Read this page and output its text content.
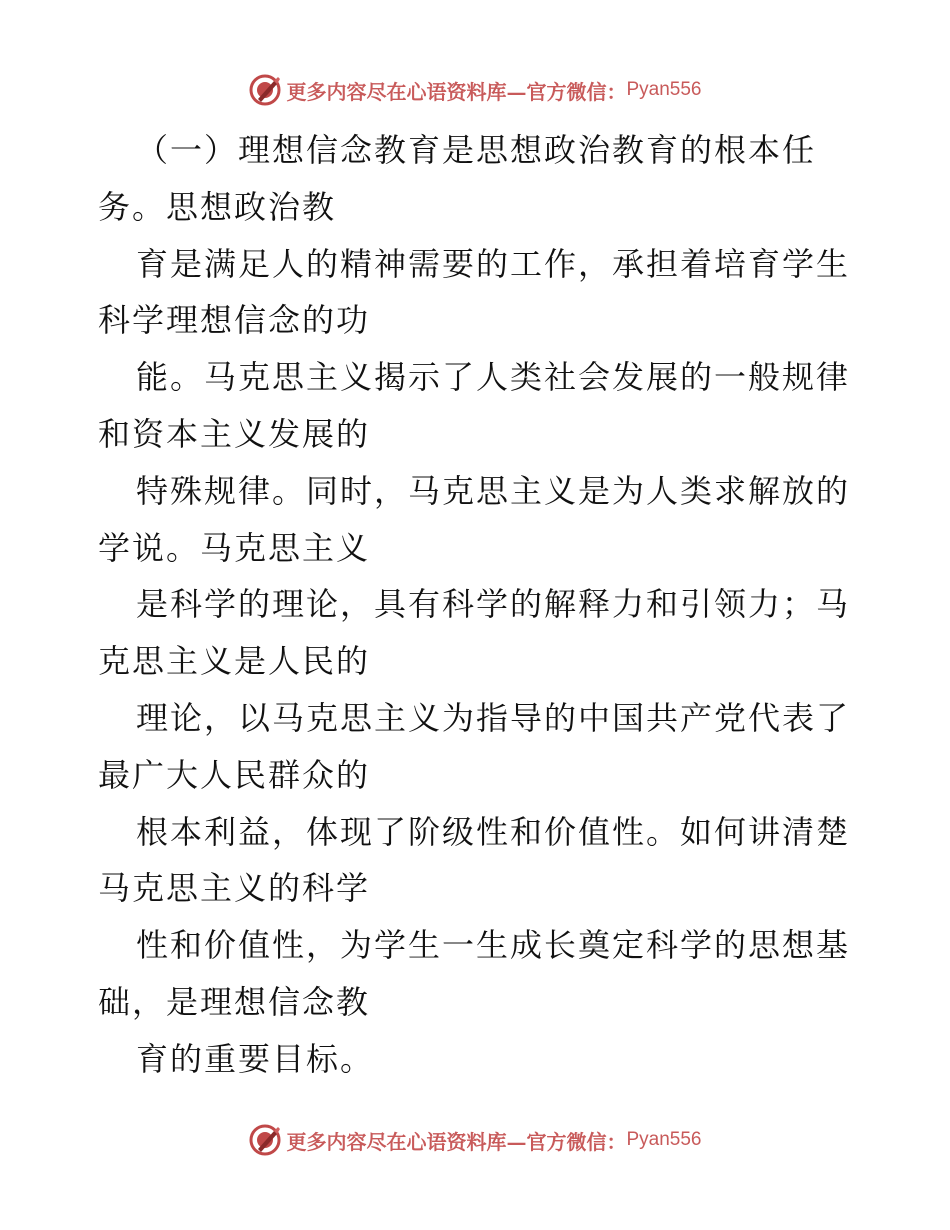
更多内容尽在心语资料库—官方微信： Pyan556
（一）理想信念教育是思想政治教育的根本任
务。思想政治教
育是满足人的精神需要的工作，承担着培育学生
科学理想信念的功
能。马克思主义揭示了人类社会发展的一般规律
和资本主义发展的
特殊规律。同时，马克思主义是为人类求解放的
学说。马克思主义
是科学的理论，具有科学的解释力和引领力；马
克思主义是人民的
理论，以马克思主义为指导的中国共产党代表了
最广大人民群众的
根本利益，体现了阶级性和价值性。如何讲清楚
马克思主义的科学
性和价值性，为学生一生成长奠定科学的思想基
础，是理想信念教
育的重要目标。
更多内容尽在心语资料库—官方微信： Pyan556
